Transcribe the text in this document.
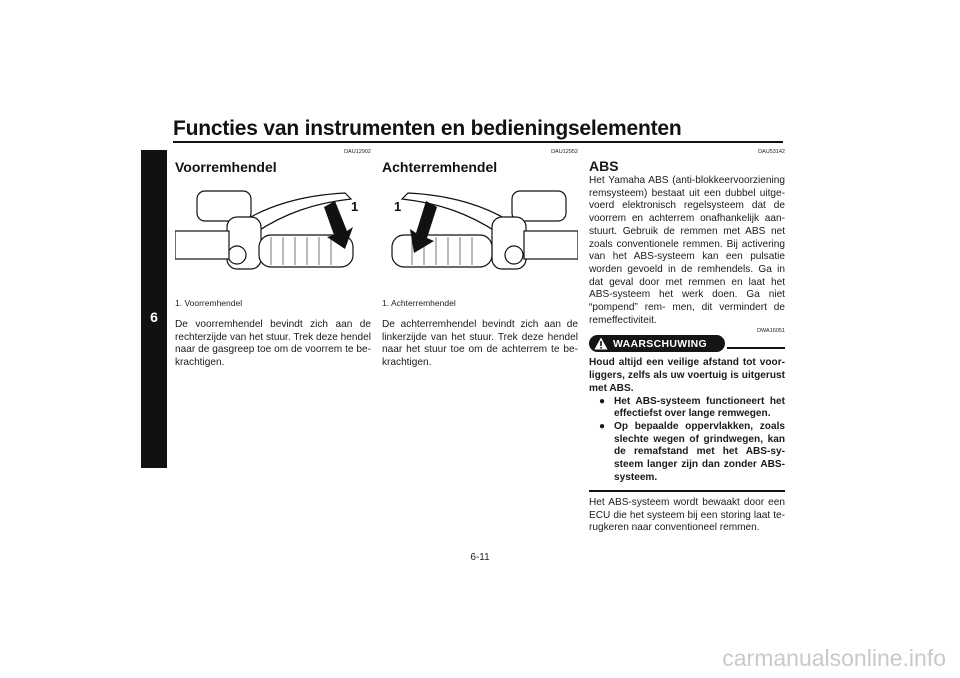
Functies van instrumenten en bedieningselementen
6
DAU12902
Voorremhendel
1
1. Voorremhendel
De voorremhendel bevindt zich aan de rechterzijde van het stuur. Trek deze hendel naar de gasgreep toe om de voorrem te be- krachtigen.
DAU12952
Achterremhendel
1
1. Achterremhendel
De achterremhendel bevindt zich aan de linkerzijde van het stuur. Trek deze hendel naar het stuur toe om de achterrem te be- krachtigen.
DAU53142
ABS
Het Yamaha ABS (anti-blokkeervoorziening remsysteem) bestaat uit een dubbel uitge- voerd elektronisch regelsysteem dat de voorrem en achterrem onafhankelijk aan- stuurt. Gebruik de remmen met ABS net zoals conventionele remmen. Bij activering van het ABS-systeem kan een pulsatie worden gevoeld in de remhendels. Ga in dat geval door met remmen en laat het ABS-systeem het werk doen. Ga niet “pompend” rem- men, dit vermindert de remeffectiviteit.
DWA16051
WAARSCHUWING
Houd altijd een veilige afstand tot voor- liggers, zelfs als uw voertuig is uitgerust met ABS.
● Het ABS-systeem functioneert het effectiefst over lange remwegen.
● Op bepaalde oppervlakken, zoals slechte wegen of grindwegen, kan de remafstand met het ABS-sy- steem langer zijn dan zonder ABS- systeem.
Het ABS-systeem wordt bewaakt door een ECU die het systeem bij een storing laat te- rugkeren naar conventioneel remmen.
6-11
carmanualsonline.info
